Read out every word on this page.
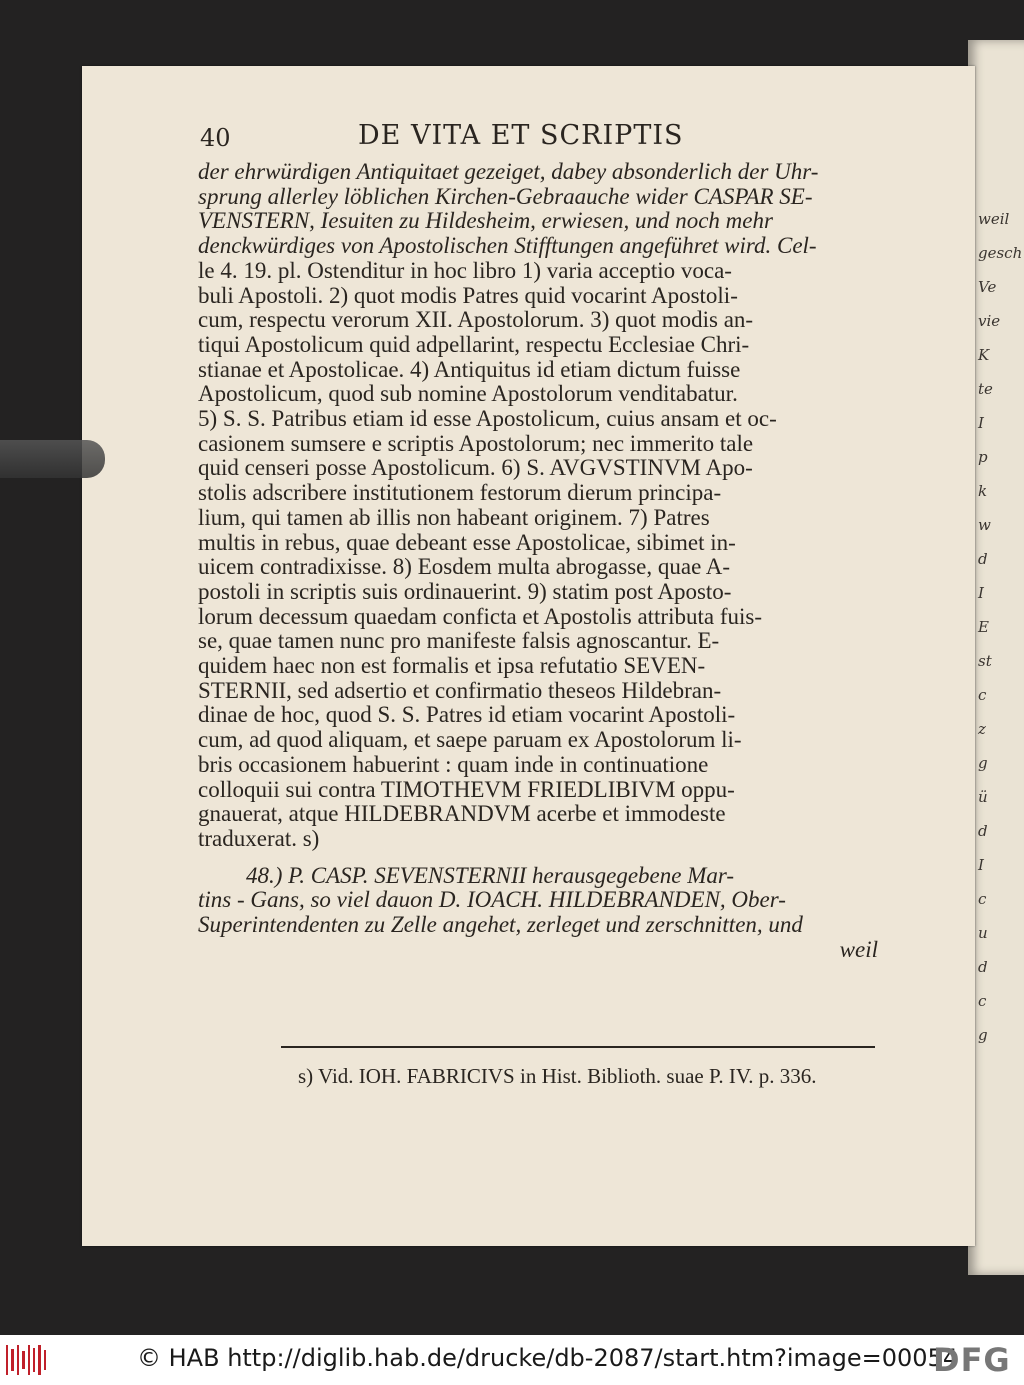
weil
gesch
Ve
vie
K
te
I
p
k
w
d
I
E
st
c
z
g
ü
d
I
c
u
d
c
g
40	DE VITA ET SCRIPTIS
der ehrwürdigen Antiquitaet gezeiget, dabey absonderlich der Uhr-
sprung allerley löblichen Kirchen-Gebraauche wider CASPAR SE-
VENSTERN, Iesuiten zu Hildesheim, erwiesen, und noch mehr
denckwürdiges von Apostolischen Stifftungen angeführet wird. Cel-
le 4. 19. pl. Ostenditur in hoc libro 1) varia acceptio voca-
buli Apostoli. 2) quot modis Patres quid vocarint Apostoli-
cum, respectu verorum XII. Apostolorum. 3) quot modis an-
tiqui Apostolicum quid adpellarint, respectu Ecclesiae Chri-
stianae et Apostolicae. 4) Antiquitus id etiam dictum fuisse
Apostolicum, quod sub nomine Apostolorum venditabatur.
5) S. S. Patribus etiam id esse Apostolicum, cuius ansam et oc-
casionem sumsere e scriptis Apostolorum; nec immerito tale
quid censeri posse Apostolicum. 6) S. AVGVSTINVM Apo-
stolis adscribere institutionem festorum dierum principa-
lium, qui tamen ab illis non habeant originem. 7) Patres
multis in rebus, quae debeant esse Apostolicae, sibimet in-
uicem contradixisse. 8) Eosdem multa abrogasse, quae A-
postoli in scriptis suis ordinauerint. 9) statim post Aposto-
lorum decessum quaedam conficta et Apostolis attributa fuis-
se, quae tamen nunc pro manifeste falsis agnoscantur. E-
quidem haec non est formalis et ipsa refutatio SEVEN-
STERNII, sed adsertio et confirmatio theseos Hildebran-
dinae de hoc, quod S. S. Patres id etiam vocarint Apostoli-
cum, ad quod aliquam, et saepe paruam ex Apostolorum li-
bris occasionem habuerint : quam inde in continuatione
colloquii sui contra TIMOTHEVM FRIEDLIBIVM oppu-
gnauerat, atque HILDEBRANDVM acerbe et immodeste
traduxerat. s)
48.) P. CASP. SEVENSTERNII herausgegebene Mar-
tins - Gans, so viel dauon D. IOACH. HILDEBRANDEN, Ober-
Superintendenten zu Zelle angehet, zerleget und zerschnitten, und
weil
s) Vid. IOH. FABRICIVS in Hist. Biblioth. suae P. IV. p. 336.
© HAB http://diglib.hab.de/drucke/db-2087/start.htm?image=00054
DFG
